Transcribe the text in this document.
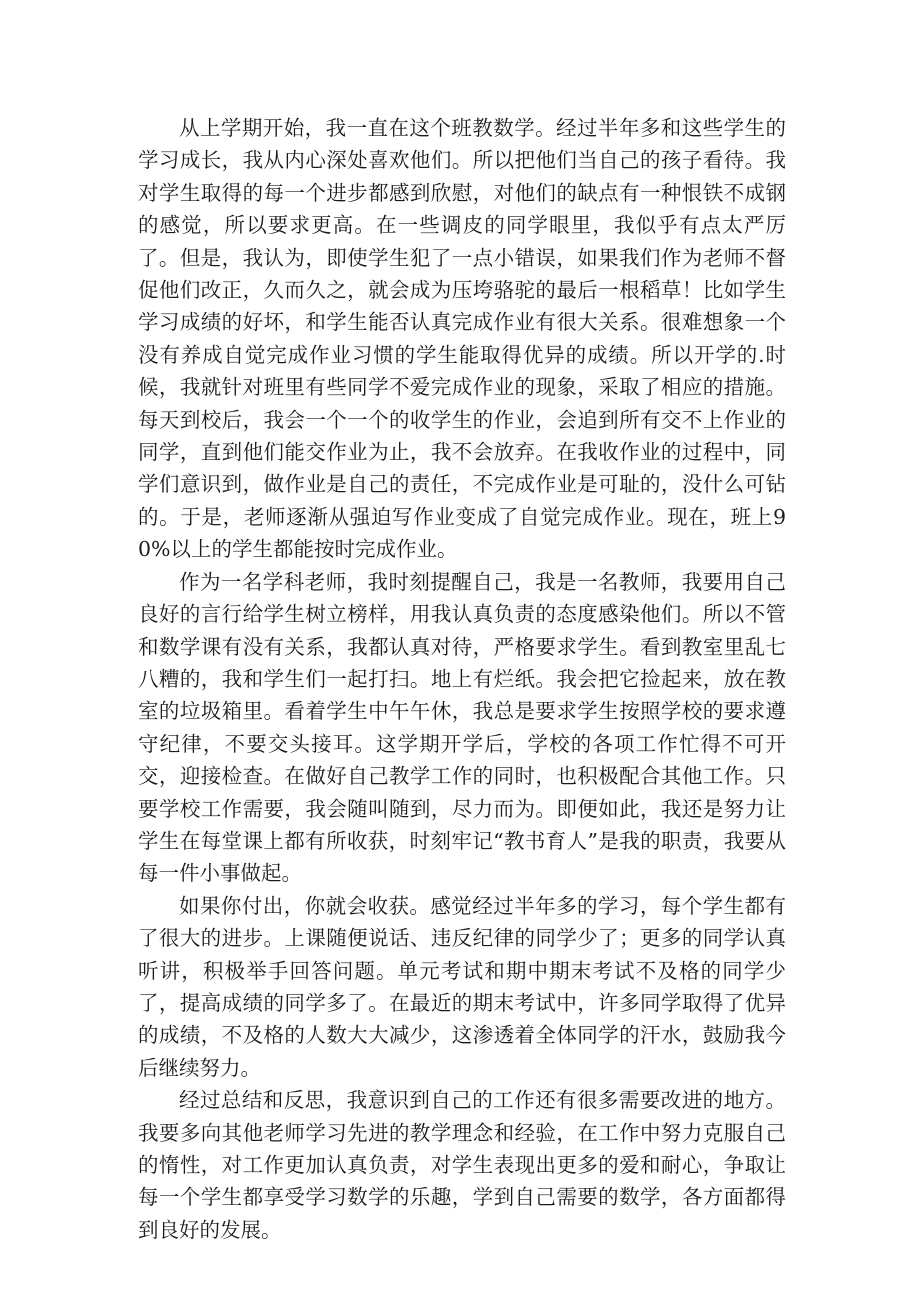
从上学期开始，我一直在这个班教数学。经过半年多和这些学生的学习成长，我从内心深处喜欢他们。所以把他们当自己的孩子看待。我对学生取得的每一个进步都感到欣慰，对他们的缺点有一种恨铁不成钢的感觉，所以要求更高。在一些调皮的同学眼里，我似乎有点太严厉了。但是，我认为，即使学生犯了一点小错误，如果我们作为老师不督促他们改正，久而久之，就会成为压垮骆驼的最后一根稻草！比如学生学习成绩的好坏，和学生能否认真完成作业有很大关系。很难想象一个没有养成自觉完成作业习惯的学生能取得优异的成绩。所以开学的.时候，我就针对班里有些同学不爱完成作业的现象，采取了相应的措施。每天到校后，我会一个一个的收学生的作业，会追到所有交不上作业的同学，直到他们能交作业为止，我不会放弃。在我收作业的过程中，同学们意识到，做作业是自己的责任，不完成作业是可耻的，没什么可钻的。于是，老师逐渐从强迫写作业变成了自觉完成作业。现在，班上90%以上的学生都能按时完成作业。

作为一名学科老师，我时刻提醒自己，我是一名教师，我要用自己良好的言行给学生树立榜样，用我认真负责的态度感染他们。所以不管和数学课有没有关系，我都认真对待，严格要求学生。看到教室里乱七八糟的，我和学生们一起打扫。地上有烂纸。我会把它捡起来，放在教室的垃圾箱里。看着学生中午午休，我总是要求学生按照学校的要求遵守纪律，不要交头接耳。这学期开学后，学校的各项工作忙得不可开交，迎接检查。在做好自己教学工作的同时，也积极配合其他工作。只要学校工作需要，我会随叫随到，尽力而为。即便如此，我还是努力让学生在每堂课上都有所收获，时刻牢记“教书育人”是我的职责，我要从每一件小事做起。

如果你付出，你就会收获。感觉经过半年多的学习，每个学生都有了很大的进步。上课随便说话、违反纪律的同学少了；更多的同学认真听讲，积极举手回答问题。单元考试和期中期末考试不及格的同学少了，提高成绩的同学多了。在最近的期末考试中，许多同学取得了优异的成绩，不及格的人数大大减少，这渗透着全体同学的汗水，鼓励我今后继续努力。

经过总结和反思，我意识到自己的工作还有很多需要改进的地方。我要多向其他老师学习先进的教学理念和经验，在工作中努力克服自己的惰性，对工作更加认真负责，对学生表现出更多的爱和耐心，争取让每一个学生都享受学习数学的乐趣，学到自己需要的数学，各方面都得到良好的发展。
